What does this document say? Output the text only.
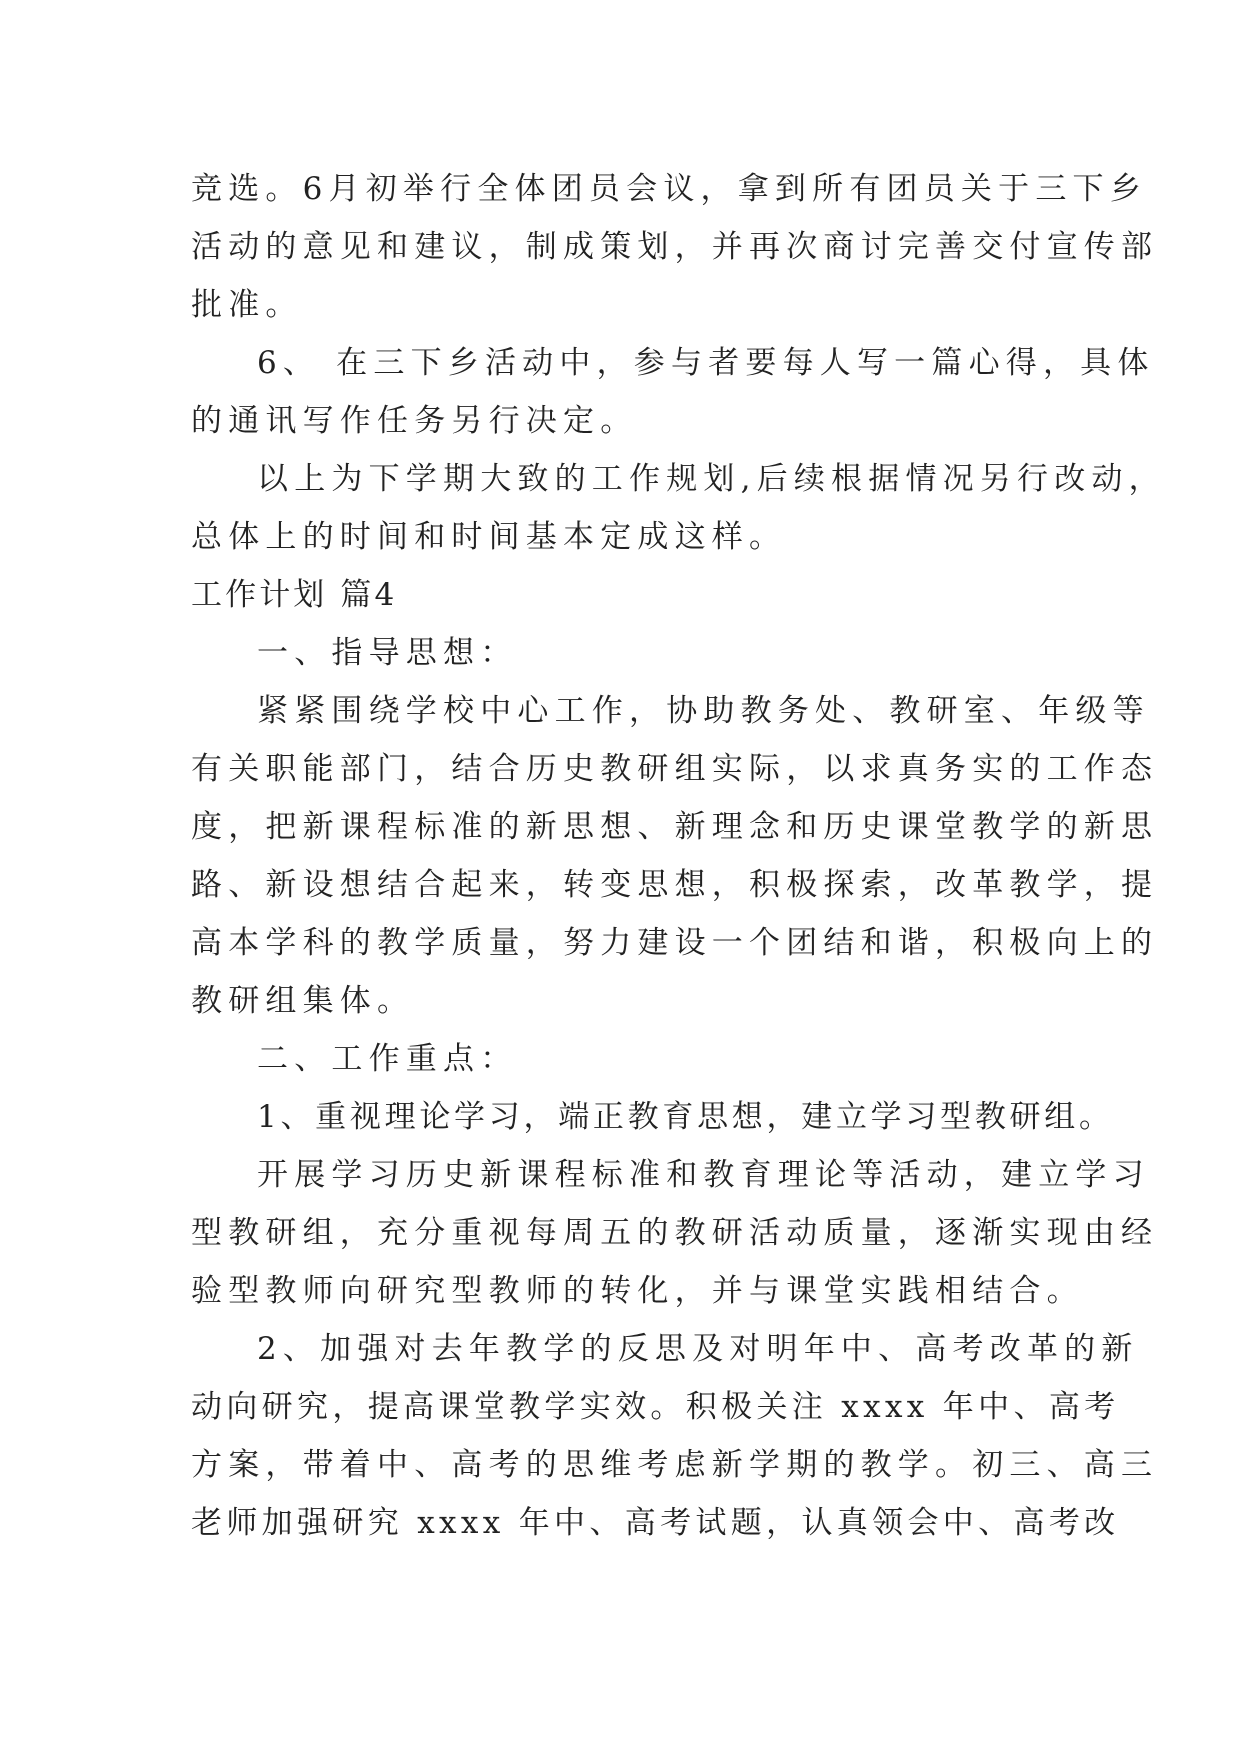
竞选。6月初举行全体团员会议，拿到所有团员关于三下乡
活动的意见和建议，制成策划，并再次商讨完善交付宣传部
批准。
6、 在三下乡活动中，参与者要每人写一篇心得，具体
的通讯写作任务另行决定。
以上为下学期大致的工作规划,后续根据情况另行改动，
总体上的时间和时间基本定成这样。
工作计划 篇4
一、指导思想：
紧紧围绕学校中心工作，协助教务处、教研室、年级等
有关职能部门，结合历史教研组实际，以求真务实的工作态
度，把新课程标准的新思想、新理念和历史课堂教学的新思
路、新设想结合起来，转变思想，积极探索，改革教学，提
高本学科的教学质量，努力建设一个团结和谐，积极向上的
教研组集体。
二、工作重点：
1、重视理论学习，端正教育思想，建立学习型教研组。
开展学习历史新课程标准和教育理论等活动，建立学习
型教研组，充分重视每周五的教研活动质量，逐渐实现由经
验型教师向研究型教师的转化，并与课堂实践相结合。
2、加强对去年教学的反思及对明年中、高考改革的新
动向研究，提高课堂教学实效。积极关注 xxxx 年中、高考
方案，带着中、高考的思维考虑新学期的教学。初三、高三
老师加强研究 xxxx 年中、高考试题，认真领会中、高考改
